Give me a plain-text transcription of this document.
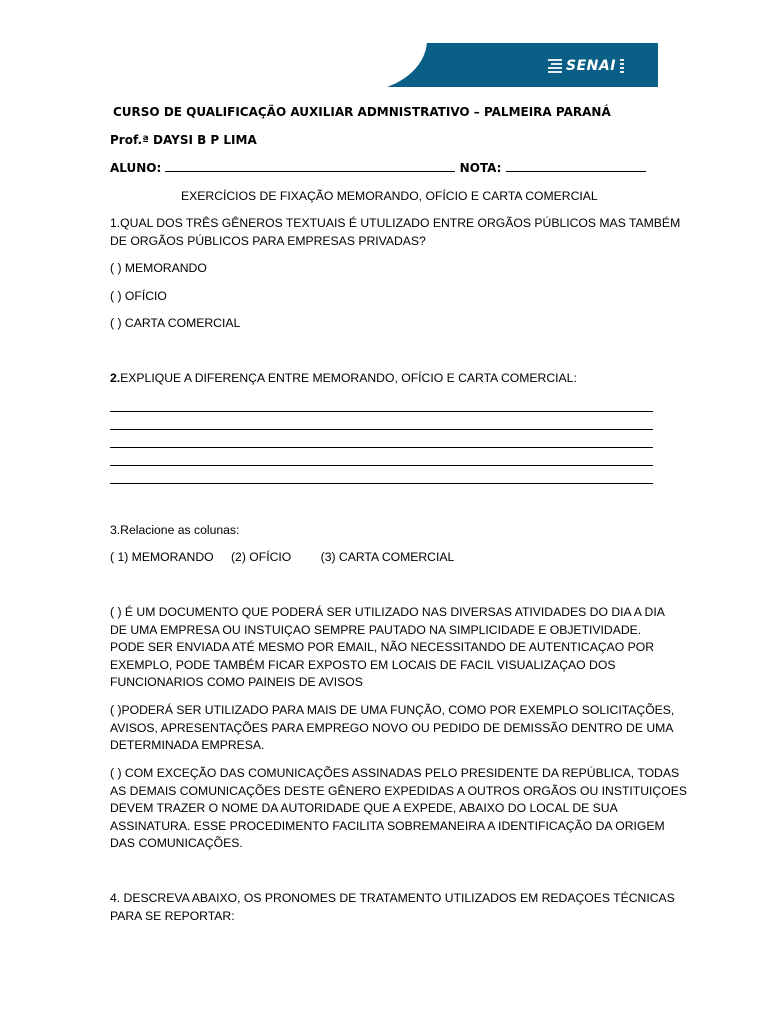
SENAI
CURSO DE QUALIFICAÇÃO AUXILIAR ADMNISTRATIVO – PALMEIRA PARANÁ
Prof.ª DAYSI B P LIMA
ALUNO:	NOTA:
EXERCÍCIOS DE FIXAÇÃO MEMORANDO, OFÍCIO E CARTA COMERCIAL
1.QUAL DOS TRÊS GÊNEROS TEXTUAIS É UTULIZADO ENTRE ORGÃOS PÚBLICOS MAS TAMBÉM
DE ORGÃOS PÚBLICOS PARA EMPRESAS PRIVADAS?
( ) MEMORANDO
( ) OFÍCIO
( ) CARTA COMERCIAL
2.EXPLIQUE A DIFERENÇA ENTRE MEMORANDO, OFÍCIO E CARTA COMERCIAL:
3.Relacione as colunas:
( 1) MEMORANDO (2) OFÍCIO (3) CARTA COMERCIAL
( ) É UM DOCUMENTO QUE PODERÁ SER UTILIZADO NAS DIVERSAS ATIVIDADES DO DIA A DIA
DE UMA EMPRESA OU INSTUIÇAO SEMPRE PAUTADO NA SIMPLICIDADE E OBJETIVIDADE.
PODE SER ENVIADA ATÉ MESMO POR EMAIL, NÃO NECESSITANDO DE AUTENTICAÇAO POR
EXEMPLO, PODE TAMBÉM FICAR EXPOSTO EM LOCAIS DE FACIL VISUALIZAÇAO DOS
FUNCIONARIOS COMO PAINEIS DE AVISOS
( )PODERÁ SER UTILIZADO PARA MAIS DE UMA FUNÇÃO, COMO POR EXEMPLO SOLICITAÇÕES,
AVISOS, APRESENTAÇÕES PARA EMPREGO NOVO OU PEDIDO DE DEMISSÃO DENTRO DE UMA
DETERMINADA EMPRESA.
( ) COM EXCEÇÃO DAS COMUNICAÇÕES ASSINADAS PELO PRESIDENTE DA REPÚBLICA, TODAS
AS DEMAIS COMUNICAÇÕES DESTE GÊNERO EXPEDIDAS A OUTROS ORGÃOS OU INSTITUIÇOES
DEVEM TRAZER O NOME DA AUTORIDADE QUE A EXPEDE, ABAIXO DO LOCAL DE SUA
ASSINATURA. ESSE PROCEDIMENTO FACILITA SOBREMANEIRA A IDENTIFICAÇÃO DA ORIGEM
DAS COMUNICAÇÕES.
4. DESCREVA ABAIXO, OS PRONOMES DE TRATAMENTO UTILIZADOS EM REDAÇOES TÉCNICAS
PARA SE REPORTAR:
